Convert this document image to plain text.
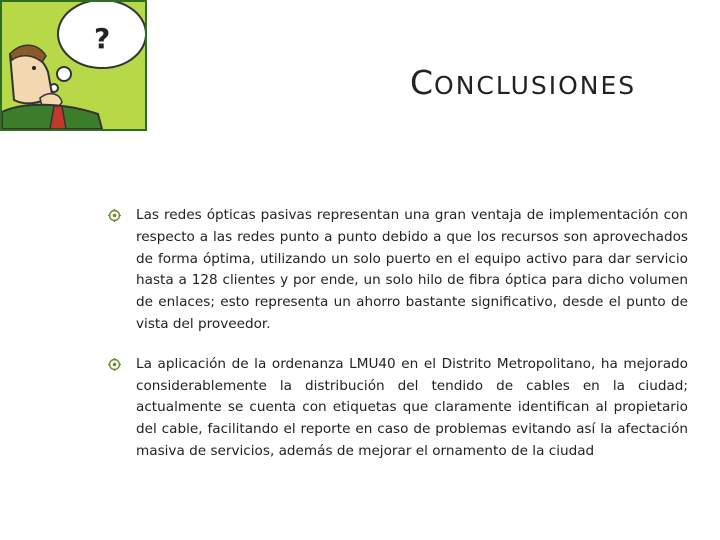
?
CONCLUSIONES
Las redes ópticas pasivas representan una gran ventaja de implementación con respecto a las redes punto a punto debido a que los recursos son aprovechados de forma óptima, utilizando un solo puerto en el equipo activo para dar servicio hasta a 128 clientes y por ende, un solo hilo de fibra óptica para dicho volumen de enlaces; esto representa un ahorro bastante significativo, desde el punto de vista del proveedor.
La aplicación de la ordenanza LMU40 en el Distrito Metropolitano, ha mejorado considerablemente la distribución del tendido de cables en la ciudad; actualmente se cuenta con etiquetas que claramente identifican al propietario del cable, facilitando el reporte en caso de problemas evitando así la afectación masiva de servicios, además de mejorar el ornamento de la ciudad
